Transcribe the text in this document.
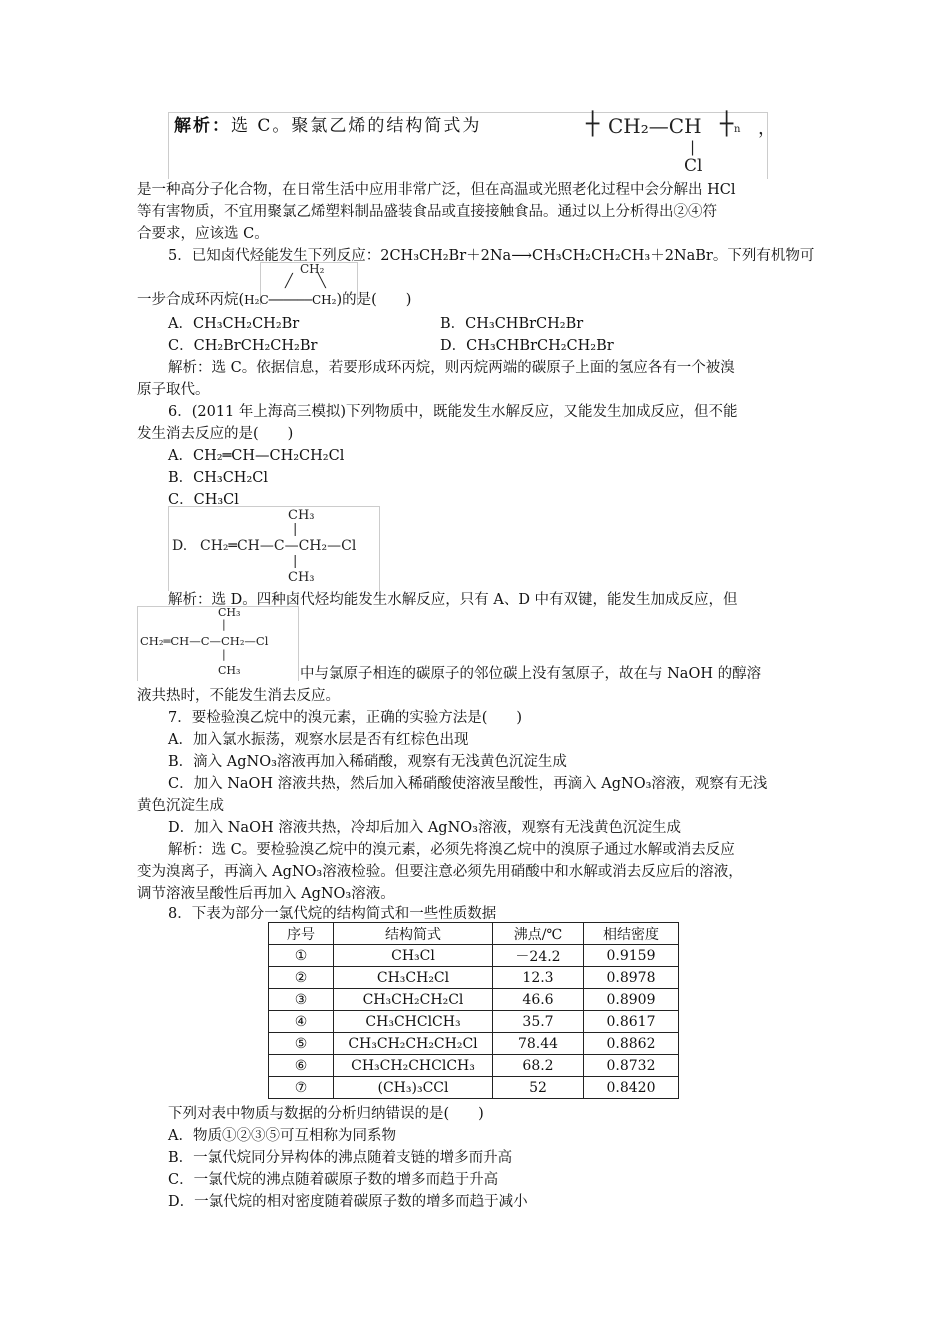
解析：选 C。聚氯乙烯的结构简式为	┼ CH₂—CH ┼ n ，
|
Cl
是一种高分子化合物，在日常生活中应用非常广泛，但在高温或光照老化过程中会分解出 HCl
等有害物质，不宜用聚氯乙烯塑料制品盛装食品或直接接触食品。通过以上分析得出②④符
合要求，应该选 C。
5．已知卤代烃能发生下列反应：2CH₃CH₂Br＋2Na⟶CH₃CH₂CH₂CH₃＋2NaBr。下列有机物可
CH₂
╱ ╲
一步合成环丙烷(H₂C──────CH₂)的是(　　)
A．CH₃CH₂CH₂Br	B．CH₃CHBrCH₂Br
C．CH₂BrCH₂CH₂Br	D．CH₃CHBrCH₂CH₂Br
解析：选 C。依据信息，若要形成环丙烷，则丙烷两端的碳原子上面的氢应各有一个被溴
原子取代。
6．(2011 年上海高三模拟)下列物质中，既能发生水解反应，又能发生加成反应，但不能
发生消去反应的是(　　)
A．CH₂═CH—CH₂CH₂Cl
B．CH₃CH₂Cl
C．CH₃Cl
CH₃
|
D. CH₂═CH—C—CH₂—Cl
|
CH₃
解析：选 D。四种卤代烃均能发生水解反应，只有 A、D 中有双键，能发生加成反应，但
CH₃
|
CH₂═CH—C—CH₂—Cl
|
CH₃	中与氯原子相连的碳原子的邻位碳上没有氢原子，故在与 NaOH 的醇溶
液共热时，不能发生消去反应。
7．要检验溴乙烷中的溴元素，正确的实验方法是(　　)
A．加入氯水振荡，观察水层是否有红棕色出现
B．滴入 AgNO₃溶液再加入稀硝酸，观察有无浅黄色沉淀生成
C．加入 NaOH 溶液共热，然后加入稀硝酸使溶液呈酸性，再滴入 AgNO₃溶液，观察有无浅
黄色沉淀生成
D．加入 NaOH 溶液共热，冷却后加入 AgNO₃溶液，观察有无浅黄色沉淀生成
解析：选 C。要检验溴乙烷中的溴元素，必须先将溴乙烷中的溴原子通过水解或消去反应
变为溴离子，再滴入 AgNO₃溶液检验。但要注意必须先用硝酸中和水解或消去反应后的溶液，
调节溶液呈酸性后再加入 AgNO₃溶液。
8．下表为部分一氯代烷的结构简式和一些性质数据
序号	结构简式	沸点/℃	相结密度
①	CH₃Cl	－24.2	0.9159
②	CH₃CH₂Cl	12.3	0.8978
③	CH₃CH₂CH₂Cl	46.6	0.8909
④	CH₃CHClCH₃	35.7	0.8617
⑤	CH₃CH₂CH₂CH₂Cl	78.44	0.8862
⑥	CH₃CH₂CHClCH₃	68.2	0.8732
⑦	(CH₃)₃CCl	52	0.8420
下列对表中物质与数据的分析归纳错误的是(　　)
A．物质①②③⑤可互相称为同系物
B．一氯代烷同分异构体的沸点随着支链的增多而升高
C．一氯代烷的沸点随着碳原子数的增多而趋于升高
D．一氯代烷的相对密度随着碳原子数的增多而趋于减小
